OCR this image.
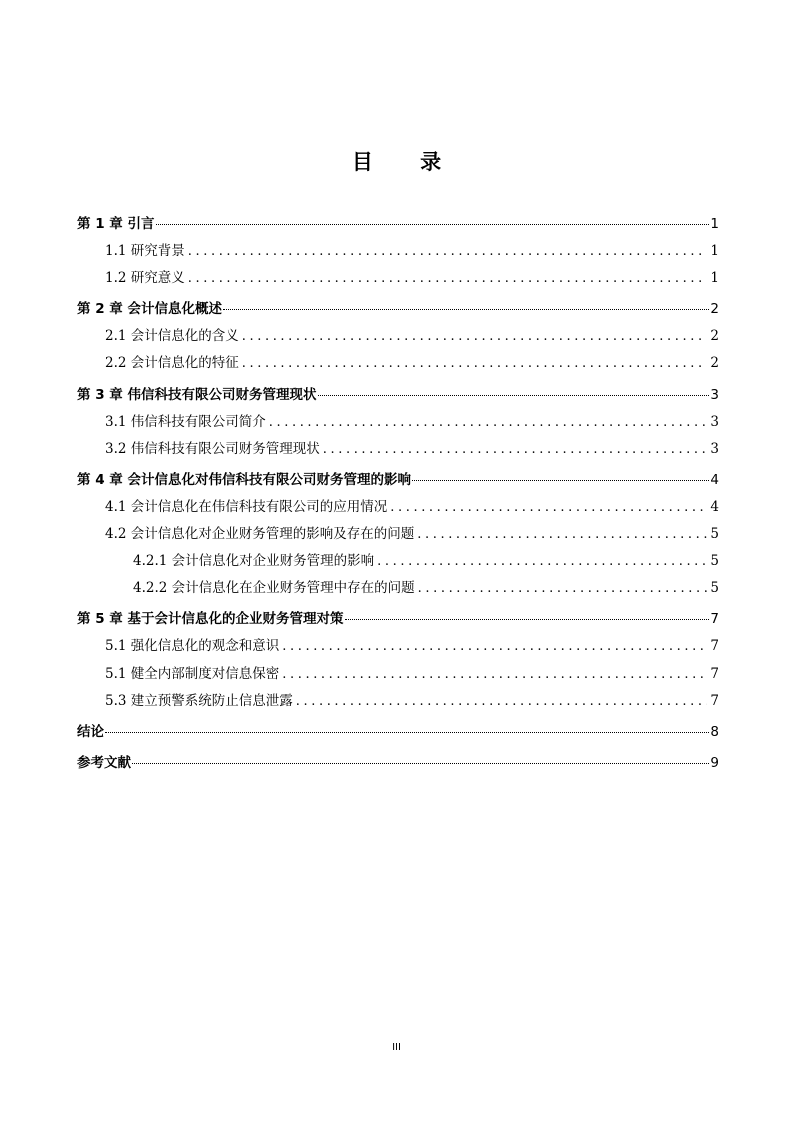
目 录
第 1 章 引言	1
1.1 研究背景 .....	1
1.2 研究意义 .....	1
第 2 章 会计信息化概述	2
2.1 会计信息化的含义 .....	2
2.2 会计信息化的特征 .....	2
第 3 章 伟信科技有限公司财务管理现状	3
3.1 伟信科技有限公司简介 .....	3
3.2 伟信科技有限公司财务管理现状 .....	3
第 4 章 会计信息化对伟信科技有限公司财务管理的影响	4
4.1 会计信息化在伟信科技有限公司的应用情况 .....	4
4.2 会计信息化对企业财务管理的影响及存在的问题 .....	5
4.2.1 会计信息化对企业财务管理的影响 .....	5
4.2.2 会计信息化在企业财务管理中存在的问题 .....	5
第 5 章 基于会计信息化的企业财务管理对策	7
5.1 强化信息化的观念和意识 .....	7
5.1 健全内部制度对信息保密 .....	7
5.3 建立预警系统防止信息泄露 .....	7
结论	8
参考文献	9
III
